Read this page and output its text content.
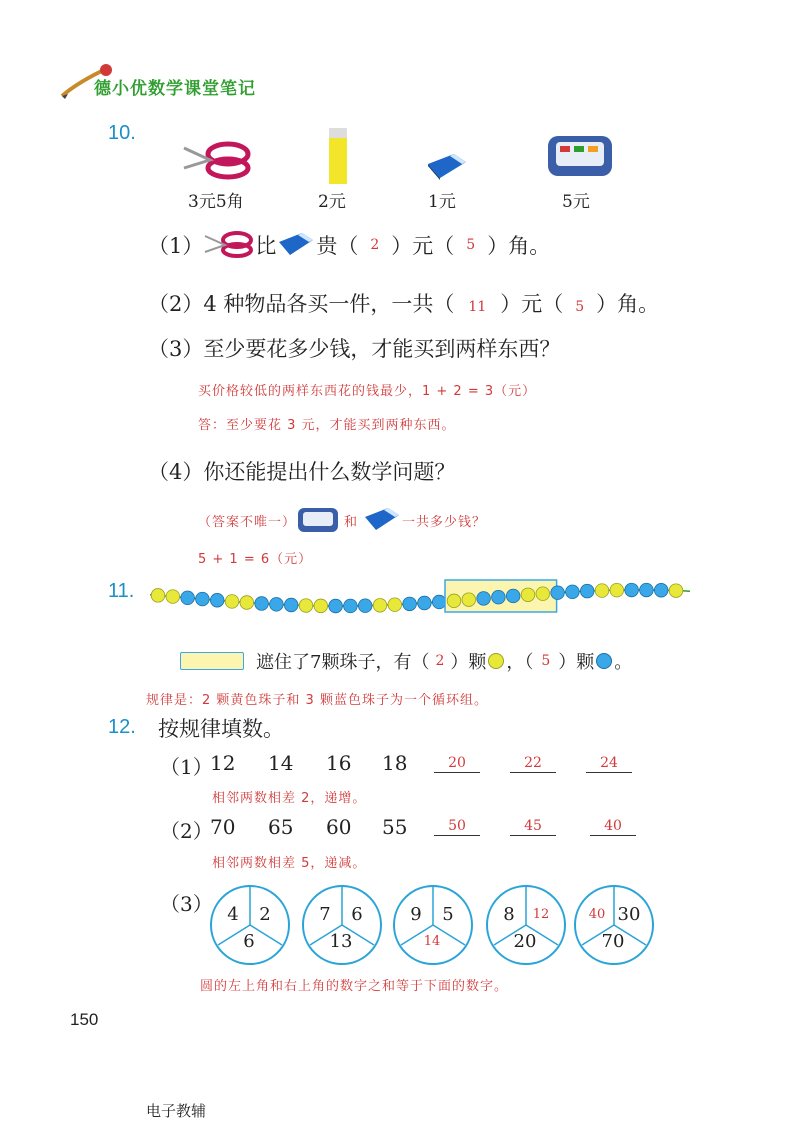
德小优数学课堂笔记
10.
3元5角	2元	1元	5元
（1） 比 贵（ 2 ）元（ 5 ）角。
（2）4 种物品各买一件，一共（ 11 ）元（ 5 ）角。
（3）至少要花多少钱，才能买到两样东西？
买价格较低的两样东西花的钱最少，1 + 2 = 3（元）
答：至少要花 3 元，才能买到两种东西。
（4）你还能提出什么数学问题？
（答案不唯一）	和	一共多少钱？
5 + 1 = 6（元）
11.
遮住了7颗珠子，有（ 2 ）颗 ，（ 5 ）颗 。
规律是：2 颗黄色珠子和 3 颗蓝色珠子为一个循环组。
12. 按规律填数。
（1）
12 14 16 18	20	22	24
相邻两数相差 2，递增。
（2）
70 65 60 55	50	45	40
相邻两数相差 5，递减。
（3） 4	2
6
7	6
13
9	5
14
8	12
20
40 30
70
圆的左上角和右上角的数字之和等于下面的数字。
150
电子教辅
